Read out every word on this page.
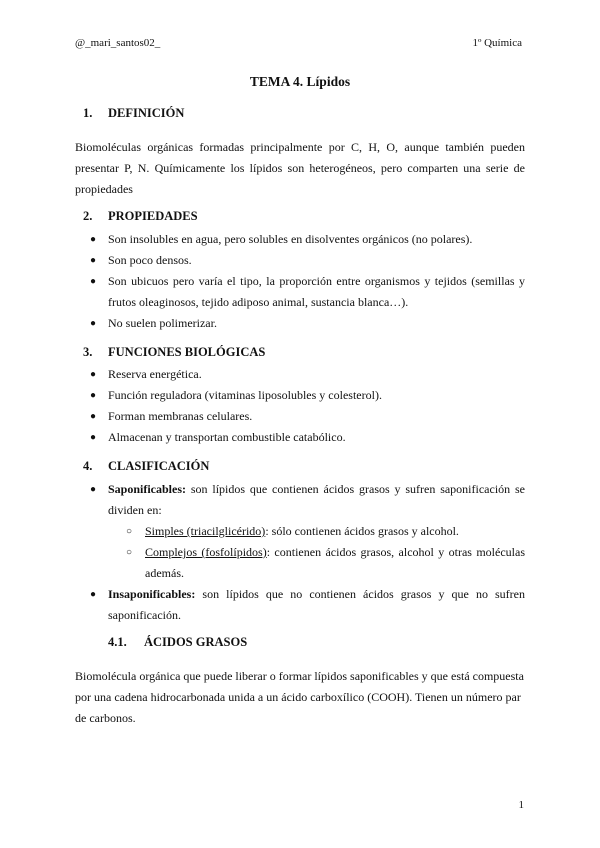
@_mari_santos02_	1º Química
TEMA 4. Lípidos
1. DEFINICIÓN
Biomoléculas orgánicas formadas principalmente por C, H, O, aunque también pueden presentar P, N. Químicamente los lípidos son heterogéneos, pero comparten una serie de propiedades
2. PROPIEDADES
● Son insolubles en agua, pero solubles en disolventes orgánicos (no polares).
● Son poco densos.
● Son ubicuos pero varía el tipo, la proporción entre organismos y tejidos (semillas y frutos oleaginosos, tejido adiposo animal, sustancia blanca…).
● No suelen polimerizar.
3. FUNCIONES BIOLÓGICAS
● Reserva energética.
● Función reguladora (vitaminas liposolubles y colesterol).
● Forman membranas celulares.
● Almacenan y transportan combustible catabólico.
4. CLASIFICACIÓN
● Saponificables: son lípidos que contienen ácidos grasos y sufren saponificación se dividen en:
○ Simples (triacilglicérido): sólo contienen ácidos grasos y alcohol.
○ Complejos (fosfolípidos): contienen ácidos grasos, alcohol y otras moléculas además.
● Insaponificables: son lípidos que no contienen ácidos grasos y que no sufren saponificación.
4.1. ÁCIDOS GRASOS
Biomolécula orgánica que puede liberar o formar lípidos saponificables y que está compuesta por una cadena hidrocarbonada unida a un ácido carboxílico (COOH). Tienen un número par de carbonos.
1
